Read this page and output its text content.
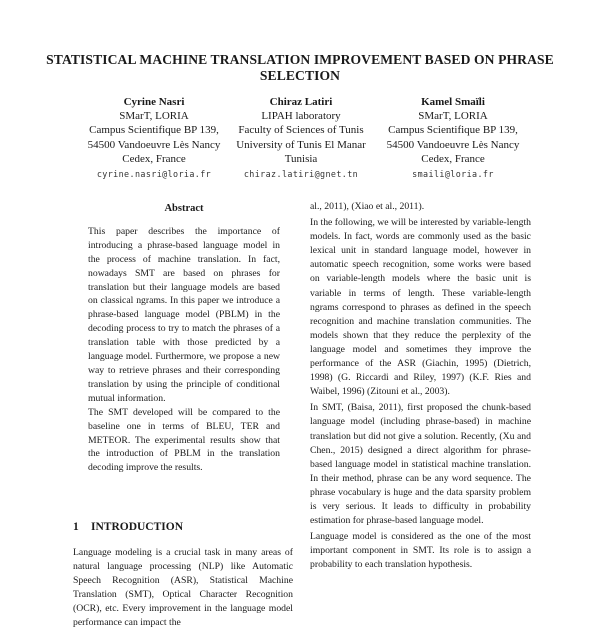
STATISTICAL MACHINE TRANSLATION IMPROVEMENT BASED ON PHRASE SELECTION
Cyrine Nasri
SMarT, LORIA
Campus Scientifique BP 139,
54500 Vandoeuvre Lès Nancy
Cedex, France
cyrine.nasri@loria.fr
Chiraz Latiri
LIPAH laboratory
Faculty of Sciences of Tunis
University of Tunis El Manar
Tunisia
chiraz.latiri@gnet.tn
Kamel Smaïli
SMarT, LORIA
Campus Scientifique BP 139,
54500 Vandoeuvre Lès Nancy
Cedex, France
smaili@loria.fr
Abstract

This paper describes the importance of introducing a phrase-based language model in the process of machine translation. In fact, nowadays SMT are based on phrases for translation but their language models are based on classical ngrams. In this paper we introduce a phrase-based language model (PBLM) in the decoding process to try to match the phrases of a translation table with those predicted by a language model. Furthermore, we propose a new way to retrieve phrases and their corresponding translation by using the principle of conditional mutual information.

The SMT developed will be compared to the baseline one in terms of BLEU, TER and METEOR. The experimental results show that the introduction of PBLM in the translation decoding improve the results.

1 INTRODUCTION
Language modeling is a crucial task in many areas of natural language processing (NLP) like Automatic Speech Recognition (ASR), Statistical Machine Translation (SMT), Optical Character Recognition (OCR), etc. Every improvement in the language model performance can impact the

al., 2011), (Xiao et al., 2011).

In the following, we will be interested by variable-length models. In fact, words are commonly used as the basic lexical unit in standard language model, however in automatic speech recognition, some works were based on variable-length models where the basic unit is variable in terms of length. These variable-length ngrams correspond to phrases as defined in the speech recognition and machine translation communities. The models shown that they reduce the perplexity of the language model and sometimes they improve the performance of the ASR (Giachin, 1995) (Dietrich, 1998) (G. Riccardi and Riley, 1997) (K.F. Ries and Waibel, 1996) (Zitouni et al., 2003).

In SMT, (Baisa, 2011), first proposed the chunk-based language model (including phrase-based) in machine translation but did not give a solution. Recently, (Xu and Chen., 2015) designed a direct algorithm for phrase-based language model in statistical machine translation. In their method, phrase can be any word sequence. The phrase vocabulary is huge and the data sparsity problem is very serious. It leads to difficulty in probability estimation for phrase-based language model.

Language model is considered as the one of the most important component in SMT. Its role is to assign a probability to each translation hypothesis.
